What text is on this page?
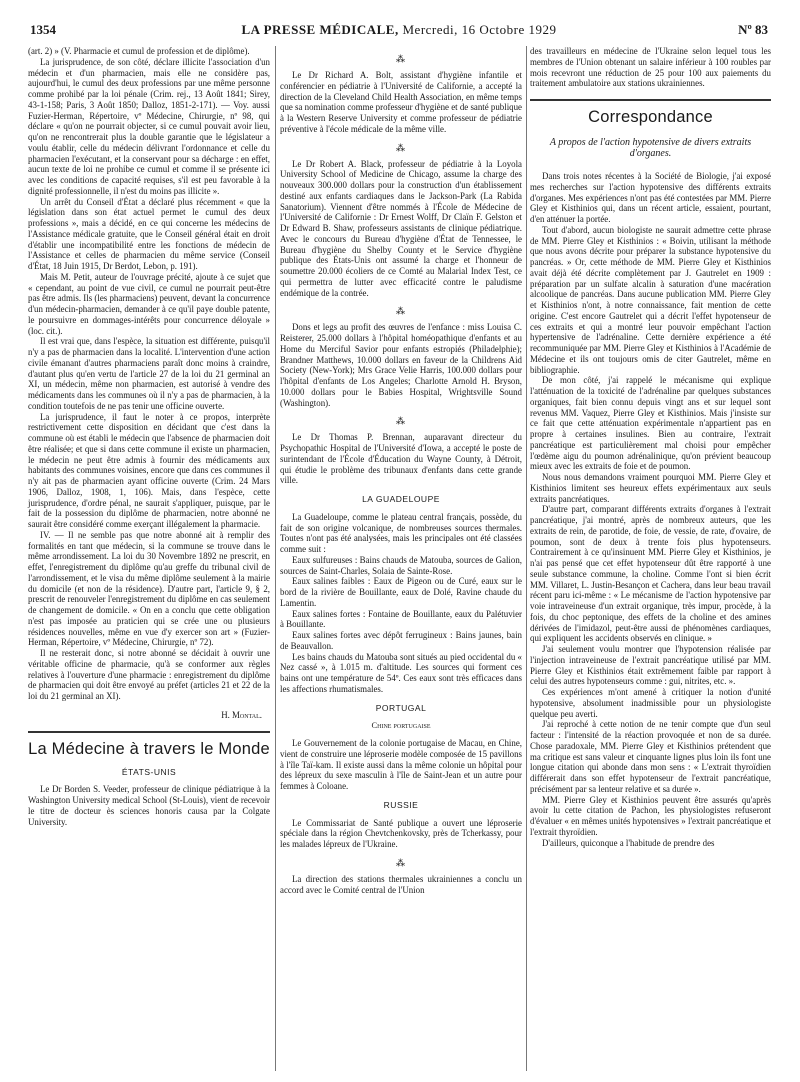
1354	LA PRESSE MÉDICALE, Mercredi, 16 Octobre 1929	Nº 83

(art. 2) » (V. Pharmacie et cumul de profession et de diplôme).

La jurisprudence, de son côté, déclare illicite l'association d'un médecin et d'un pharmacien, mais elle ne considère pas, aujourd'hui, le cumul des deux professions par une même personne comme prohibé par la loi pénale (Crim. rej., 13 Août 1841; Sirey, 43-1-158; Paris, 3 Août 1850; Dalloz, 1851-2-171). — Voy. aussi Fuzier-Herman, Répertoire, vº Médecine, Chirurgie, nº 98, qui déclare « qu'on ne pourrait objecter, si ce cumul pouvait avoir lieu, qu'on ne rencontrerait plus la double garantie que le législateur a voulu établir, celle du médecin délivrant l'ordonnance et celle du pharmacien l'exécutant, et la conservant pour sa décharge : en effet, aucun texte de loi ne prohibe ce cumul et comme il se présente ici avec les conditions de capacité requises, s'il est peu favorable à la dignité professionnelle, il n'est du moins pas illicite ».

Un arrêt du Conseil d'État a déclaré plus récemment « que la législation dans son état actuel permet le cumul des deux professions », mais a décidé, en ce qui concerne les médecins de l'Assistance médicale gratuite, que le Conseil général était en droit d'établir une incompatibilité entre les fonctions de médecin de l'Assistance et celles de pharmacien du même service (Conseil d'État, 18 Juin 1915, Dr Berdot, Lebon, p. 191).

Mais M. Petit, auteur de l'ouvrage précité, ajoute à ce sujet que « cependant, au point de vue civil, ce cumul ne pourrait peut-être pas être admis. Ils (les pharmaciens) peuvent, devant la concurrence d'un médecin-pharmacien, demander à ce qu'il paye double patente, le poursuivre en dommages-intérêts pour concurrence déloyale » (loc. cit.).

Il est vrai que, dans l'espèce, la situation est différente, puisqu'il n'y a pas de pharmacien dans la localité. L'intervention d'une action civile émanant d'autres pharmaciens paraît donc moins à craindre, d'autant plus qu'en vertu de l'article 27 de la loi du 21 germinal an XI, un médecin, même non pharmacien, est autorisé à vendre des médicaments dans les communes où il n'y a pas de pharmacien, à la condition toutefois de ne pas tenir une officine ouverte.

La jurisprudence, il faut le noter à ce propos, interprète restrictivement cette disposition en décidant que c'est dans la commune où est établi le médecin que l'absence de pharmacien doit être réalisée; et que si dans cette commune il existe un pharmacien, le médecin ne peut être admis à fournir des médicaments aux habitants des communes voisines, encore que dans ces communes il n'y ait pas de pharmacien ayant officine ouverte (Crim. 24 Mars 1906, Dalloz, 1908, 1, 106). Mais, dans l'espèce, cette jurisprudence, d'ordre pénal, ne saurait s'appliquer, puisque, par le fait de la possession du diplôme de pharmacien, notre abonné ne saurait être considéré comme exerçant illégalement la pharmacie.

IV. — Il ne semble pas que notre abonné ait à remplir des formalités en tant que médecin, si la commune se trouve dans le même arrondissement. La loi du 30 Novembre 1892 ne prescrit, en effet, l'enregistrement du diplôme qu'au greffe du tribunal civil de l'arrondissement, et le visa du même diplôme seulement à la mairie du domicile (et non de la résidence). D'autre part, l'article 9, § 2, prescrit de renouveler l'enregistrement du diplôme en cas seulement de changement de domicile. « On en a conclu que cette obligation n'est pas imposée au praticien qui se crée une ou plusieurs résidences nouvelles, même en vue d'y exercer son art » (Fuzier-Herman, Répertoire, vº Médecine, Chirurgie, nº 72).

Il ne resterait donc, si notre abonné se décidait à ouvrir une véritable officine de pharmacie, qu'à se conformer aux règles relatives à l'ouverture d'une pharmacie : enregistrement du diplôme de pharmacien qui doit être envoyé au préfet (articles 21 et 22 de la loi du 21 germinal an XI).

H. Montal.

La Médecine à travers le Monde
ÉTATS-UNIS

Le Dr Borden S. Veeder, professeur de clinique pédiatrique à la Washington University medical School (St-Louis), vient de recevoir le titre de docteur ès sciences honoris causa par la Colgate University.

⁂

Le Dr Richard A. Bolt, assistant d'hygiène infantile et conférencier en pédiatrie à l'Université de Californie, a accepté la direction de la Cleveland Child Health Association, en même temps que sa nomination comme professeur d'hygiène et de santé publique à la Western Reserve University et comme professeur de pédiatrie préventive à l'école médicale de la même ville.

⁂

Le Dr Robert A. Black, professeur de pédiatrie à la Loyola University School of Medicine de Chicago, assume la charge des nouveaux 300.000 dollars pour la construction d'un établissement destiné aux enfants cardiaques dans le Jackson-Park (La Rabida Sanatorium). Viennent d'être nommés à l'École de Médecine de l'Université de Californie : Dr Ernest Wolff, Dr Claïn F. Gelston et Dr Edward B. Shaw, professeurs assistants de clinique pédiatrique. Avec le concours du Bureau d'hygiène d'État de Tennessee, le Bureau d'hygiène du Shelby County et le Service d'hygiène publique des États-Unis ont assumé la charge et l'honneur de soumettre 20.000 écoliers de ce Comté au Malarial Index Test, ce qui permettra de lutter avec efficacité contre le paludisme endémique de la contrée.

⁂

Dons et legs au profit des œuvres de l'enfance : miss Louisa C. Reisterer, 25.000 dollars à l'hôpital homéopathique d'enfants et au Home du Merciful Savior pour enfants estropiés (Philadelphie); Brandner Matthews, 10.000 dollars en faveur de la Childrens Aid Society (New-York); Mrs Grace Velie Harris, 100.000 dollars pour l'hôpital d'enfants de Los Angeles; Charlotte Arnold H. Bryson, 10.000 dollars pour le Babies Hospital, Wrightsville Sound (Washington).

⁂

Le Dr Thomas P. Brennan, auparavant directeur du Psychopathic Hospital de l'Université d'Iowa, a accepté le poste de surintendant de l'École d'Éducation du Wayne County, à Détroit, qui étudie le problème des tribunaux d'enfants dans cette grande ville.

LA GUADELOUPE

La Guadeloupe, comme le plateau central français, possède, du fait de son origine volcanique, de nombreuses sources thermales. Toutes n'ont pas été analysées, mais les principales ont été classées comme suit :

Eaux sulfureuses : Bains chauds de Matouba, sources de Galion, sources de Saint-Charles, Solaia de Sainte-Rose.

Eaux salines faibles : Eaux de Pigeon ou de Curé, eaux sur le bord de la rivière de Bouillante, eaux de Dolé, Ravine chaude du Lamentin.

Eaux salines fortes : Fontaine de Bouillante, eaux du Palétuvier à Bouillante.

Eaux salines fortes avec dépôt ferrugineux : Bains jaunes, bain de Beauvallon.

Les bains chauds du Matouba sont situés au pied occidental du « Nez cassé », à 1.015 m. d'altitude. Les sources qui forment ces bains ont une température de 54º. Ces eaux sont très efficaces dans les affections rhumatismales.

PORTUGAL
Chine portugaise

Le Gouvernement de la colonie portugaise de Macau, en Chine, vient de construire une léproserie modèle composée de 15 pavillons à l'île Taï-kam. Il existe aussi dans la même colonie un hôpital pour des lépreux du sexe masculin à l'île de Saint-Jean et un autre pour femmes à Coloane.

RUSSIE

Le Commissariat de Santé publique a ouvert une léproserie spéciale dans la région Chevtchenkovsky, près de Tcherkassy, pour les malades lépreux de l'Ukraine.

⁂

La direction des stations thermales ukrainiennes a conclu un accord avec le Comité central de l'Union

des travailleurs en médecine de l'Ukraine selon lequel tous les membres de l'Union obtenant un salaire inférieur à 100 roubles par mois recevront une réduction de 25 pour 100 aux paiements du traitement ambulatoire aux stations ukrainiennes.

Correspondance
A propos de l'action hypotensive de divers extraits d'organes.

Dans trois notes récentes à la Société de Biologie, j'ai exposé mes recherches sur l'action hypotensive des différents extraits d'organes. Mes expériences n'ont pas été contestées par MM. Pierre Gley et Kisthinios qui, dans un récent article, essaient, pourtant, d'en atténuer la portée.

Tout d'abord, aucun biologiste ne saurait admettre cette phrase de MM. Pierre Gley et Kisthinios : « Boivin, utilisant la méthode que nous avons décrite pour préparer la substance hypotensive du pancréas. » Or, cette méthode de MM. Pierre Gley et Kisthinios avait déjà été décrite complètement par J. Gautrelet en 1909 : préparation par un sulfate alcalin à saturation d'une macération alcoolique de pancréas. Dans aucune publication MM. Pierre Gley et Kisthinios n'ont, à notre connaissance, fait mention de cette origine. C'est encore Gautrelet qui a décrit l'effet hypotenseur de ces extraits et qui a montré leur pouvoir empêchant l'action hypertensive de l'adrénaline. Cette dernière expérience a été recommuniquée par MM. Pierre Gley et Kisthinios à l'Académie de Médecine et ils ont toujours omis de citer Gautrelet, même en bibliographie.

De mon côté, j'ai rappelé le mécanisme qui explique l'atténuation de la toxicité de l'adrénaline par quelques substances organiques, fait bien connu depuis vingt ans et sur lequel sont revenus MM. Vaquez, Pierre Gley et Kisthinios. Mais j'insiste sur ce fait que cette atténuation expérimentale n'appartient pas en propre à certaines insulines. Bien au contraire, l'extrait pancréatique est particulièrement mal choisi pour empêcher l'œdème aigu du poumon adrénalinique, qu'on prévient beaucoup mieux avec les extraits de foie et de poumon.

Nous nous demandons vraiment pourquoi MM. Pierre Gley et Kisthinios limitent ses heureux effets expérimentaux aux seuls extraits pancréatiques.

D'autre part, comparant différents extraits d'organes à l'extrait pancréatique, j'ai montré, après de nombreux auteurs, que les extraits de rein, de parotide, de foie, de vessie, de rate, d'ovaire, de poumon, sont de deux à trente fois plus hypotenseurs. Contrairement à ce qu'insinuent MM. Pierre Gley et Kisthinios, je n'ai pas pensé que cet effet hypotenseur dût être rapporté à une seule substance commune, la choline. Comme l'ont si bien écrit MM. Villaret, L. Justin-Besançon et Cachera, dans leur beau travail récent paru ici-même : « Le mécanisme de l'action hypotensive par voie intraveineuse d'un extrait organique, très impur, procède, à la fois, du choc peptonique, des effets de la choline et des amines dérivées de l'imidazol, peut-être aussi de phénomènes cardiaques, qui expliquent les accidents observés en clinique. »

J'ai seulement voulu montrer que l'hypotension réalisée par l'injection intraveineuse de l'extrait pancréatique utilisé par MM. Pierre Gley et Kisthinios était extrêmement faible par rapport à celui des autres hypotenseurs comme : gui, nitrites, etc. ».

Ces expériences m'ont amené à critiquer la notion d'unité hypotensive, absolument inadmissible pour un physiologiste quelque peu averti.

J'ai reproché à cette notion de ne tenir compte que d'un seul facteur : l'intensité de la réaction provoquée et non de sa durée. Chose paradoxale, MM. Pierre Gley et Kisthinios prétendent que ma critique est sans valeur et cinquante lignes plus loin ils font une longue citation qui abonde dans mon sens : « L'extrait thyroïdien différerait dans son effet hypotenseur de l'extrait pancréatique, précisément par sa lenteur relative et sa durée ».

MM. Pierre Gley et Kisthinios peuvent être assurés qu'après avoir lu cette citation de Pachon, les physiologistes refuseront d'évaluer « en mêmes unités hypotensives » l'extrait pancréatique et l'extrait thyroïdien.

D'ailleurs, quiconque a l'habitude de prendre des
